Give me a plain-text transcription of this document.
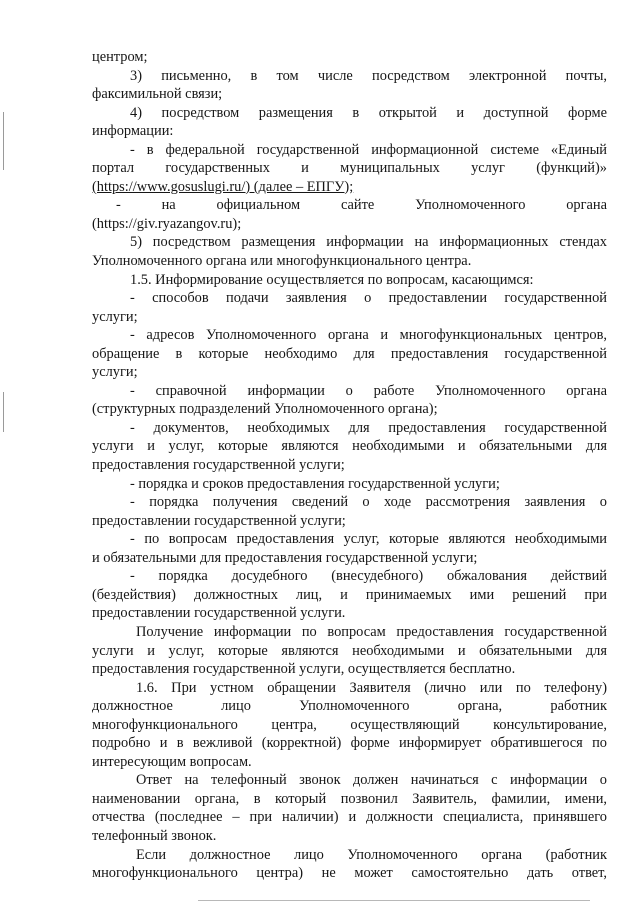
центром;
3) письменно, в том числе посредством электронной почты,
факсимильной связи;
4) посредством размещения в открытой и доступной форме
информации:
- в федеральной государственной информационной системе «Единый
портал государственных и муниципальных услуг (функций)»
(https://www.gosuslugi.ru/) (далее – ЕПГУ);
- на официальном сайте Уполномоченного органа
(https://giv.ryazangov.ru);
5) посредством размещения информации на информационных стендах
Уполномоченного органа или многофункционального центра.
1.5. Информирование осуществляется по вопросам, касающимся:
- способов подачи заявления о предоставлении государственной
услуги;
- адресов Уполномоченного органа и многофункциональных центров,
обращение в которые необходимо для предоставления государственной
услуги;
- справочной информации о работе Уполномоченного органа
(структурных подразделений Уполномоченного органа);
- документов, необходимых для предоставления государственной
услуги и услуг, которые являются необходимыми и обязательными для
предоставления государственной услуги;
- порядка и сроков предоставления государственной услуги;
- порядка получения сведений о ходе рассмотрения заявления о
предоставлении государственной услуги;
- по вопросам предоставления услуг, которые являются необходимыми
и обязательными для предоставления государственной услуги;
- порядка досудебного (внесудебного) обжалования действий
(бездействия) должностных лиц, и принимаемых ими решений при
предоставлении государственной услуги.
Получение информации по вопросам предоставления государственной
услуги и услуг, которые являются необходимыми и обязательными для
предоставления государственной услуги, осуществляется бесплатно.
1.6. При устном обращении Заявителя (лично или по телефону)
должностное лицо Уполномоченного органа, работник
многофункционального центра, осуществляющий консультирование,
подробно и в вежливой (корректной) форме информирует обратившегося по
интересующим вопросам.
Ответ на телефонный звонок должен начинаться с информации о
наименовании органа, в который позвонил Заявитель, фамилии, имени,
отчества (последнее – при наличии) и должности специалиста, принявшего
телефонный звонок.
Если должностное лицо Уполномоченного органа (работник
многофункционального центра) не может самостоятельно дать ответ,
